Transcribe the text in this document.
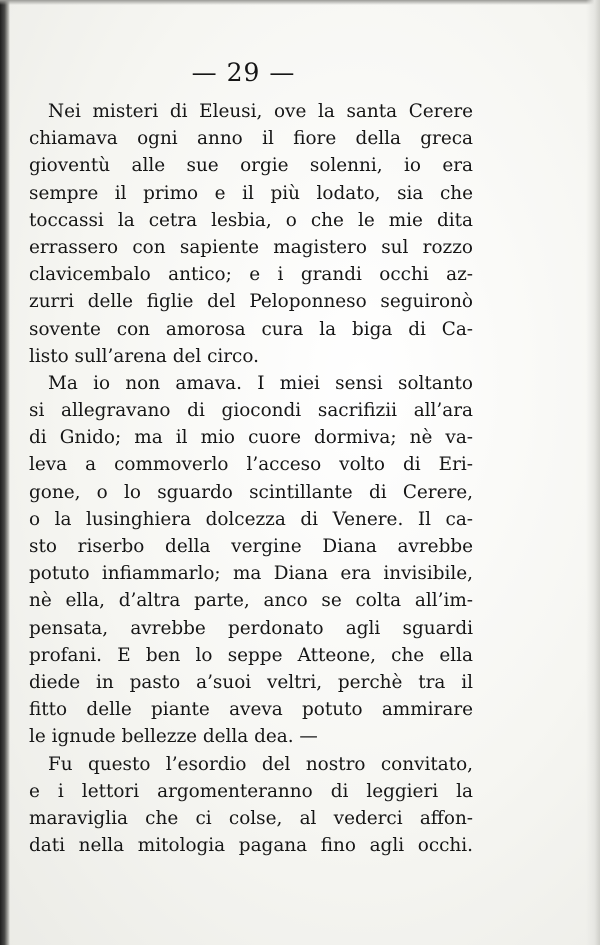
— 29 —
Nei misteri di Eleusi, ove la santa Cerere
chiamava ogni anno il fiore della greca
gioventù alle sue orgie solenni, io era
sempre il primo e il più lodato, sia che
toccassi la cetra lesbia, o che le mie dita
errassero con sapiente magistero sul rozzo
clavicembalo antico; e i grandi occhi az-
zurri delle figlie del Peloponneso seguironò
sovente con amorosa cura la biga di Ca-
listo sull’arena del circo.
Ma io non amava. I miei sensi soltanto
si allegravano di giocondi sacrifizii all’ara
di Gnido; ma il mio cuore dormiva; nè va-
leva a commoverlo l’acceso volto di Eri-
gone, o lo sguardo scintillante di Cerere,
o la lusinghiera dolcezza di Venere. Il ca-
sto riserbo della vergine Diana avrebbe
potuto infiammarlo; ma Diana era invisibile,
nè ella, d’altra parte, anco se colta all’im-
pensata, avrebbe perdonato agli sguardi
profani. E ben lo seppe Atteone, che ella
diede in pasto a’suoi veltri, perchè tra il
fitto delle piante aveva potuto ammirare
le ignude bellezze della dea. —
Fu questo l’esordio del nostro convitato,
e i lettori argomenteranno di leggieri la
maraviglia che ci colse, al vederci affon-
dati nella mitologia pagana fino agli occhi.
